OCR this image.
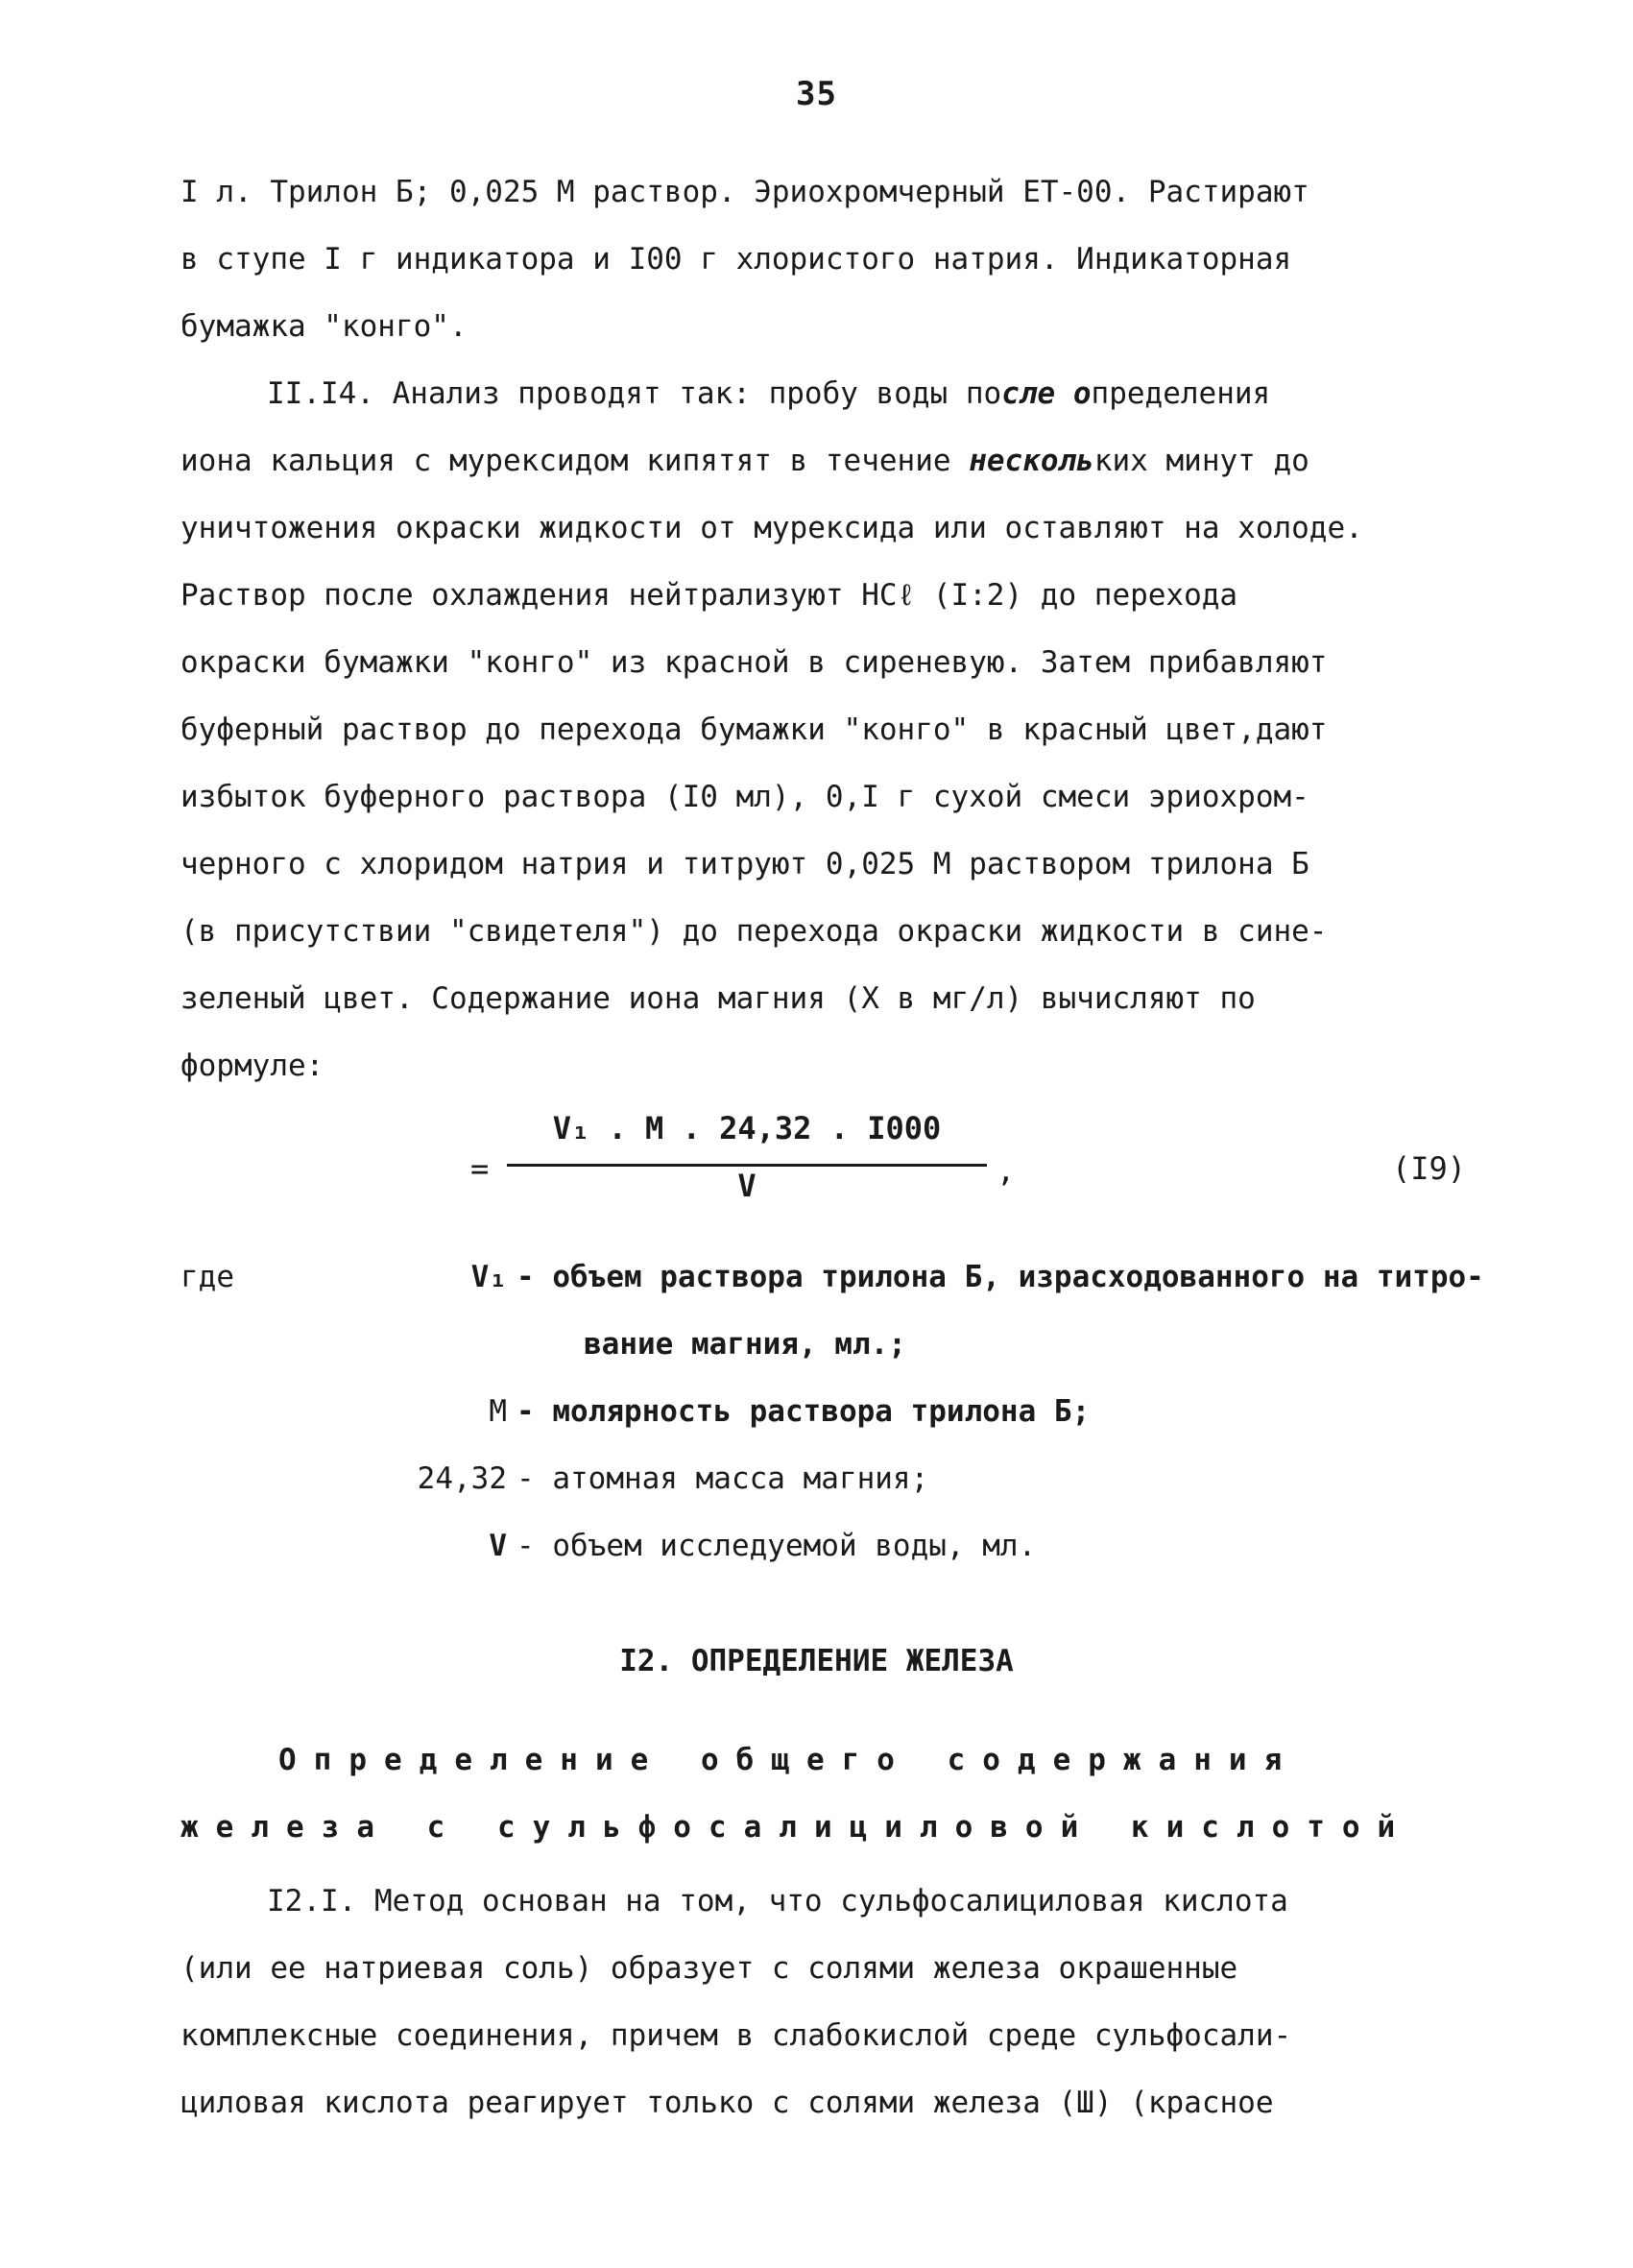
35
I л. Трилон Б; 0,025 М раствор. Эриохромчерный ЕТ-00. Растирают
в ступе I г индикатора и I00 г хлористого натрия. Индикаторная
бумажка "конго".
II.I4. Анализ проводят так: пробу воды после определения
иона кальция с мурексидом кипятят в течение нескольких минут до
уничтожения окраски жидкости от мурексида или оставляют на холоде.
Раствор после охлаждения нейтрализуют HCℓ (I:2) до перехода
окраски бумажки "конго" из красной в сиреневую. Затем прибавляют
буферный раствор до перехода бумажки "конго" в красный цвет,дают
избыток буферного раствора (I0 мл), 0,I г сухой смеси эриохром-
черного с хлоридом натрия и титруют 0,025 М раствором трилона Б
(в присутствии "свидетеля") до перехода окраски жидкости в сине-
зеленый цвет. Содержание иона магния (X в мг/л) вычисляют по
формуле:
=
V₁ . M . 24,32 . I000
V	,	(I9)
где	V₁ - объем раствора трилона Б, израсходованного на титро-
вание магния, мл.;
M - молярность раствора трилона Б;
24,32 - атомная масса магния;
V - объем исследуемой воды, мл.
I2. ОПРЕДЕЛЕНИЕ ЖЕЛЕЗА
Определение общего содержания
железа с сульфосалициловой кислотой
I2.I. Метод основан на том, что сульфосалициловая кислота
(или ее натриевая соль) образует с солями железа окрашенные
комплексные соединения, причем в слабокислой среде сульфосали-
циловая кислота реагирует только с солями железа (Ш) (красное
